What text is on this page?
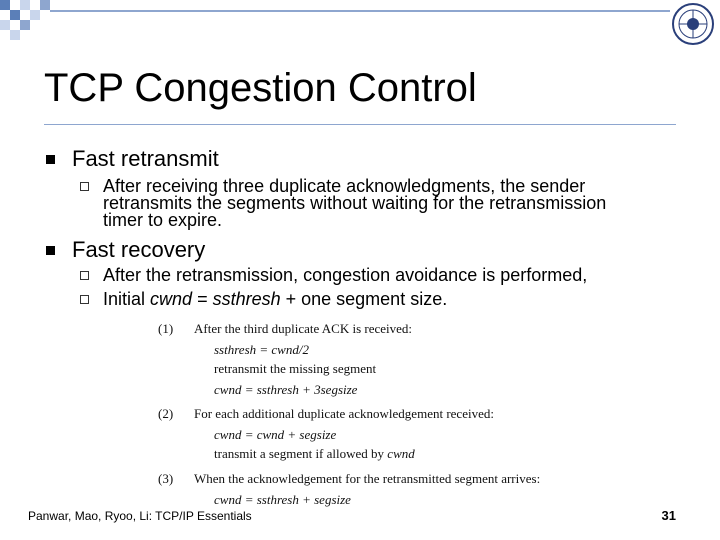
TCP Congestion Control
Fast retransmit
After receiving three duplicate acknowledgments, the sender
retransmits the segments without waiting for the retransmission
timer to expire.
Fast recovery
After the retransmission, congestion avoidance is performed,
Initial cwnd = ssthresh + one segment size.
(1) After the third duplicate ACK is received:
ssthresh = cwnd/2
retransmit the missing segment
cwnd = ssthresh + 3segsize
(2) For each additional duplicate acknowledgement received:
cwnd = cwnd + segsize
transmit a segment if allowed by cwnd
(3) When the acknowledgement for the retransmitted segment arrives:
cwnd = ssthresh + segsize
Panwar, Mao, Ryoo, Li: TCP/IP Essentials	31
